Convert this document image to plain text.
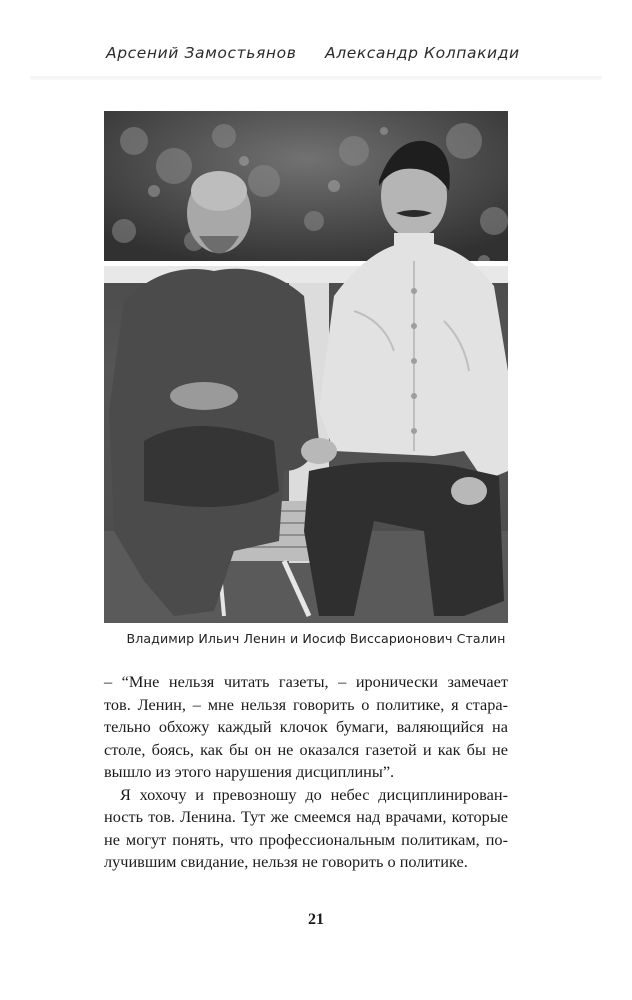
Арсений Замостьянов Александр Колпакиди
Владимир Ильич Ленин и Иосиф Виссарионович Сталин
– “Мне нельзя читать газеты, – иронически замечает
тов. Ленин, – мне нельзя говорить о политике, я стара-
тельно обхожу каждый клочок бумаги, валяющийся на
столе, боясь, как бы он не оказался газетой и как бы не
вышло из этого нарушения дисциплины”.
Я хохочу и превозношу до небес дисциплинирован-
ность тов. Ленина. Тут же смеемся над врачами, которые
не могут понять, что профессиональным политикам, по-
лучившим свидание, нельзя не говорить о политике.
21
